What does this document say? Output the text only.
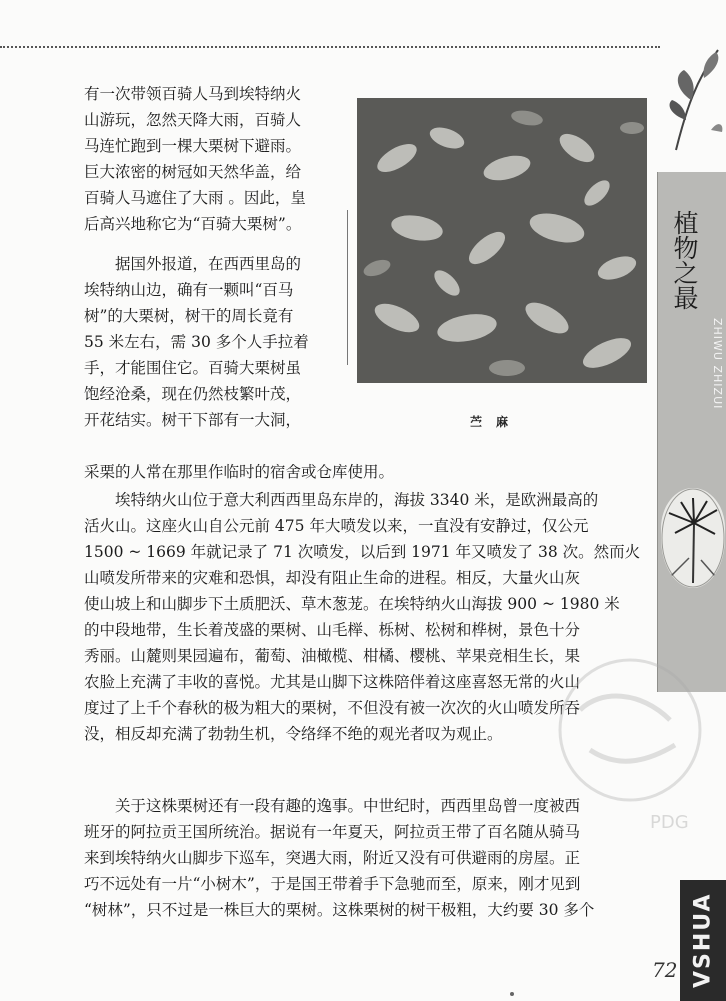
植物之最
ZHIWU ZHIZUI
苎麻
有一次带领百骑人马到埃特纳火
山游玩，忽然天降大雨，百骑人
马连忙跑到一棵大栗树下避雨。
巨大浓密的树冠如天然华盖，给
百骑人马遮住了大雨 。因此，皇
后高兴地称它为“百骑大栗树”。
　　据国外报道，在西西里岛的
埃特纳山边，确有一颗叫“百马
树”的大栗树，树干的周长竟有
55 米左右，需 30 多个人手拉着
手，才能围住它。百骑大栗树虽
饱经沧桑，现在仍然枝繁叶茂，
开花结实。树干下部有一大洞，
采栗的人常在那里作临时的宿舍或仓库使用。
　　埃特纳火山位于意大利西西里岛东岸的，海拔 3340 米，是欧洲最高的
活火山。这座火山自公元前 475 年大喷发以来，一直没有安静过，仅公元
1500 ~ 1669 年就记录了 71 次喷发，以后到 1971 年又喷发了 38 次。然而火
山喷发所带来的灾难和恐惧，却没有阻止生命的进程。相反，大量火山灰
使山坡上和山脚步下土质肥沃、草木葱茏。在埃特纳火山海拔 900 ~ 1980 米
的中段地带，生长着茂盛的栗树、山毛榉、栎树、松树和桦树，景色十分
秀丽。山麓则果园遍布，葡萄、油橄榄、柑橘、樱桃、苹果竞相生长，果
农脸上充满了丰收的喜悦。尤其是山脚下这株陪伴着这座喜怒无常的火山
度过了上千个春秋的极为粗大的栗树，不但没有被一次次的火山喷发所吞
没，相反却充满了勃勃生机，令络绎不绝的观光者叹为观止。
　　关于这株栗树还有一段有趣的逸事。中世纪时，西西里岛曾一度被西
班牙的阿拉贡王国所统治。据说有一年夏天，阿拉贡王带了百名随从骑马
来到埃特纳火山脚步下巡车，突遇大雨，附近又没有可供避雨的房屋。正
巧不远处有一片“小树木”，于是国王带着手下急驰而至，原来，刚才见到
“树林”，只不过是一株巨大的栗树。这株栗树的树干极粗，大约要 30 多个
PDG
VSHUA
72
